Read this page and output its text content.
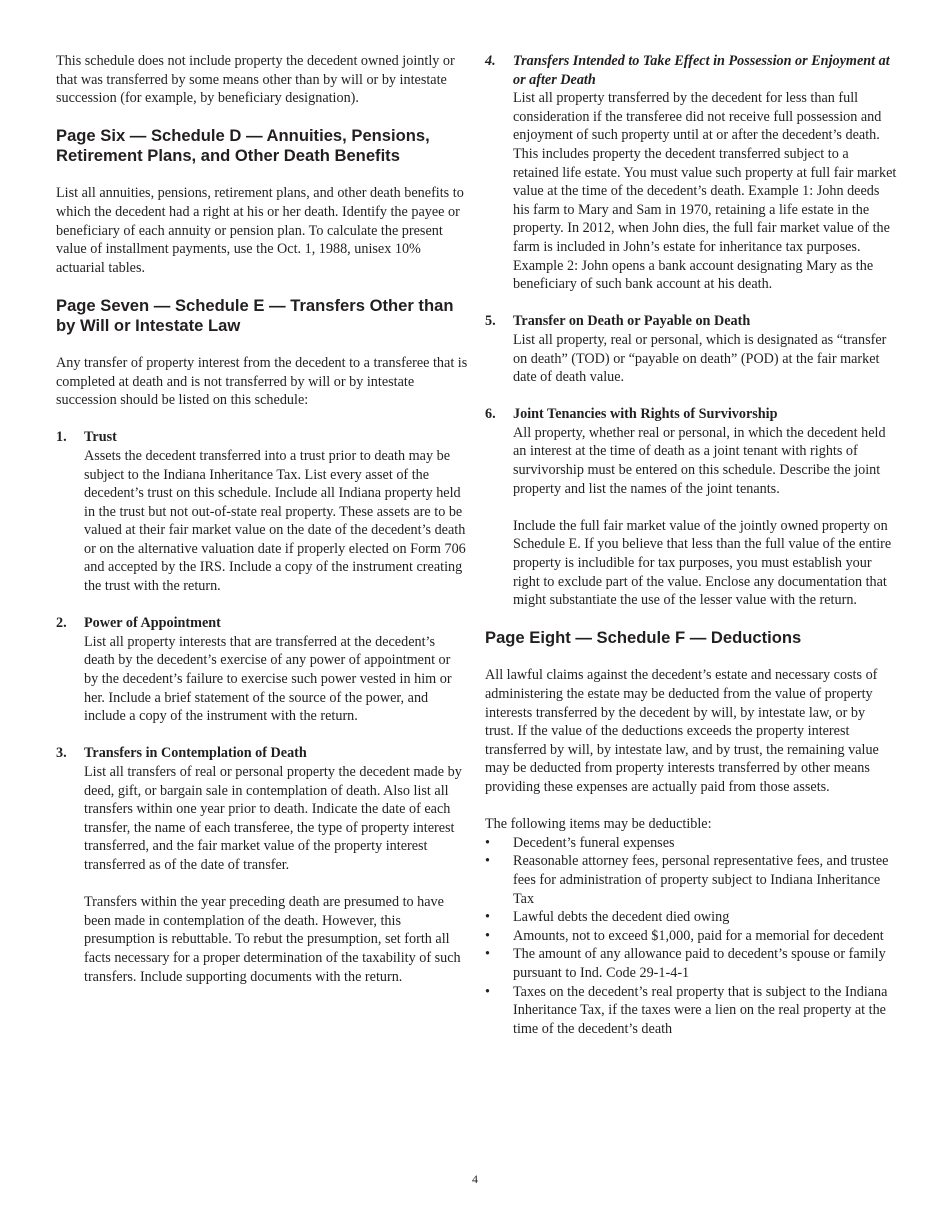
This schedule does not include property the decedent owned jointly or that was transferred by some means other than by will or by intestate succession (for example, by beneficiary designation).

Page Six — Schedule D — Annuities, Pensions, Retirement Plans, and Other Death Benefits

List all annuities, pensions, retirement plans, and other death benefits to which the decedent had a right at his or her death. Identify the payee or beneficiary of each annuity or pension plan. To calculate the present value of installment payments, use the Oct. 1, 1988, unisex 10% actuarial tables.

Page Seven — Schedule E — Transfers Other than by Will or Intestate Law

Any transfer of property interest from the decedent to a transferee that is completed at death and is not transferred by will or by intestate succession should be listed on this schedule:

1. Trust
Assets the decedent transferred into a trust prior to death may be subject to the Indiana Inheritance Tax. List every asset of the decedent’s trust on this schedule. Include all Indiana property held in the trust but not out-of-state real property. These assets are to be valued at their fair market value on the date of the decedent’s death or on the alternative valuation date if properly elected on Form 706 and accepted by the IRS. Include a copy of the instrument creating the trust with the return.
2. Power of Appointment
List all property interests that are transferred at the decedent’s death by the decedent’s exercise of any power of appointment or by the decedent’s failure to exercise such power vested in him or her. Include a brief statement of the source of the power, and include a copy of the instrument with the return.
3. Transfers in Contemplation of Death
List all transfers of real or personal property the decedent made by deed, gift, or bargain sale in contemplation of death. Also list all transfers within one year prior to death. Indicate the date of each transfer, the name of each transferee, the type of property interest transferred, and the fair market value of the property interest transferred as of the date of transfer.
Transfers within the year preceding death are presumed to have been made in contemplation of the death. However, this presumption is rebuttable. To rebut the presumption, set forth all facts necessary for a proper determination of the taxability of such transfers. Include supporting documents with the return.
4. Transfers Intended to Take Effect in Possession or Enjoyment at or after Death
List all property transferred by the decedent for less than full consideration if the transferee did not receive full possession and enjoyment of such property until at or after the decedent’s death. This includes property the decedent transferred subject to a retained life estate. You must value such property at full fair market value at the time of the decedent’s death. Example 1: John deeds his farm to Mary and Sam in 1970, retaining a life estate in the property. In 2012, when John dies, the full fair market value of the farm is included in John’s estate for inheritance tax purposes. Example 2: John opens a bank account designating Mary as the beneficiary of such bank account at his death.
5. Transfer on Death or Payable on Death
List all property, real or personal, which is designated as “transfer on death” (TOD) or “payable on death” (POD) at the fair market date of death value.
6. Joint Tenancies with Rights of Survivorship
All property, whether real or personal, in which the decedent held an interest at the time of death as a joint tenant with rights of survivorship must be entered on this schedule. Describe the joint property and list the names of the joint tenants.
Include the full fair market value of the jointly owned property on Schedule E. If you believe that less than the full value of the entire property is includible for tax purposes, you must establish your right to exclude part of the value. Enclose any documentation that might substantiate the use of the lesser value with the return.
Page Eight — Schedule F — Deductions

All lawful claims against the decedent’s estate and necessary costs of administering the estate may be deducted from the value of property interests transferred by the decedent by will, by intestate law, or by trust. If the value of the deductions exceeds the property interest transferred by will, by intestate law, and by trust, the remaining value may be deducted from property interests transferred by other means providing these expenses are actually paid from those assets.

The following items may be deductible:
• Decedent’s funeral expenses
• Reasonable attorney fees, personal representative fees, and trustee fees for administration of property subject to Indiana Inheritance Tax
• Lawful debts the decedent died owing
• Amounts, not to exceed $1,000, paid for a memorial for decedent
• The amount of any allowance paid to decedent’s spouse or family pursuant to Ind. Code 29-1-4-1
• Taxes on the decedent’s real property that is subject to the Indiana Inheritance Tax, if the taxes were a lien on the real property at the time of the decedent’s death
4
